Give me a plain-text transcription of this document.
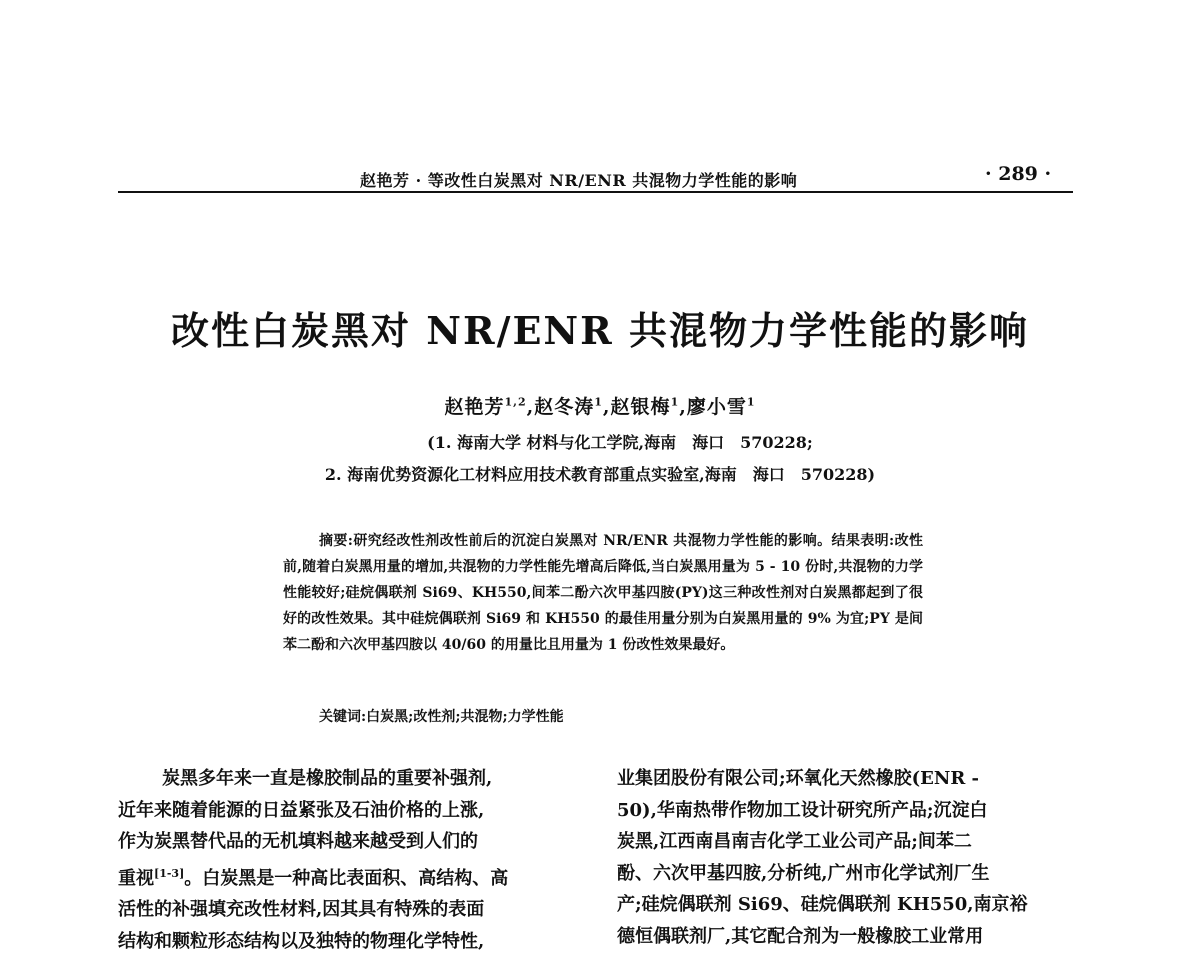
赵艳芳 · 等改性白炭黑对 NR/ENR 共混物力学性能的影响	· 289 ·
改性白炭黑对 NR/ENR 共混物力学性能的影响
赵艳芳$^{1,2}$,赵冬涛$^1$,赵银梅$^1$,廖小雪$^1$
(1. 海南大学 材料与化工学院,海南　海口　570228;
2. 海南优势资源化工材料应用技术教育部重点实验室,海南　海口　570228)
摘要:研究经改性剂改性前后的沉淀白炭黑对 NR/ENR 共混物力学性能的影响。结果表明:改性前,随着白炭黑用量的增加,共混物的力学性能先增高后降低,当白炭黑用量为 5 - 10 份时,共混物的力学性能较好;硅烷偶联剂 Si69、KH550,间苯二酚六次甲基四胺(PY)这三种改性剂对白炭黑都起到了很好的改性效果。其中硅烷偶联剂 Si69 和 KH550 的最佳用量分别为白炭黑用量的 9% 为宜;PY 是间苯二酚和六次甲基四胺以 40/60 的用量比且用量为 1 份改性效果最好。
关键词:白炭黑;改性剂;共混物;力学性能
炭黑多年来一直是橡胶制品的重要补强剂,
近年来随着能源的日益紧张及石油价格的上涨,
作为炭黑替代品的无机填料越来越受到人们的
重视[1-3]。白炭黑是一种高比表面积、高结构、高
活性的补强填充改性材料,因其具有特殊的表面
结构和颗粒形态结构以及独特的物理化学特性,
业集团股份有限公司;环氧化天然橡胶(ENR -
50),华南热带作物加工设计研究所产品;沉淀白
炭黑,江西南昌南吉化学工业公司产品;间苯二
酚、六次甲基四胺,分析纯,广州市化学试剂厂生
产;硅烷偶联剂 Si69、硅烷偶联剂 KH550,南京裕
德恒偶联剂厂,其它配合剂为一般橡胶工业常用
